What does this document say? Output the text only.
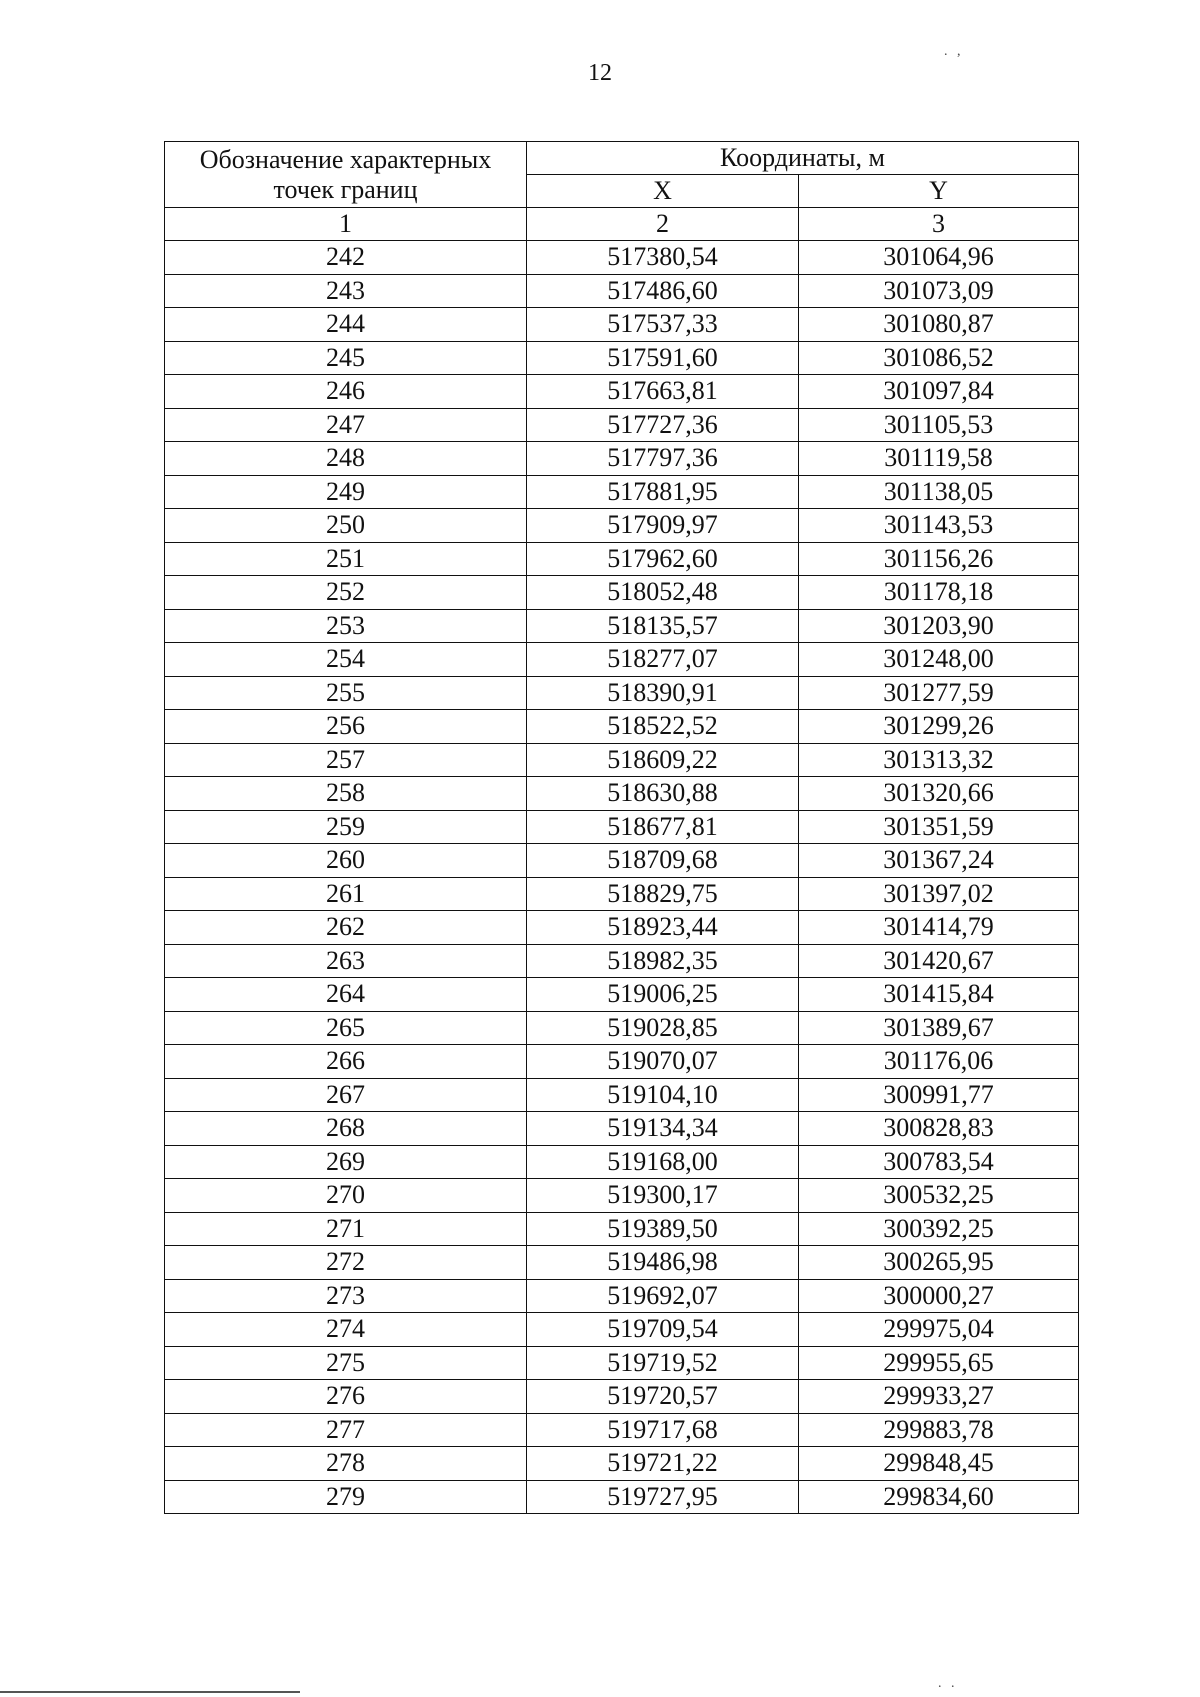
12
. ,
Обозначение характерных
точек границ	Координаты, м	
	X	Y
1	2	3
242	517380,54	301064,96
243	517486,60	301073,09
244	517537,33	301080,87
245	517591,60	301086,52
246	517663,81	301097,84
247	517727,36	301105,53
248	517797,36	301119,58
249	517881,95	301138,05
250	517909,97	301143,53
251	517962,60	301156,26
252	518052,48	301178,18
253	518135,57	301203,90
254	518277,07	301248,00
255	518390,91	301277,59
256	518522,52	301299,26
257	518609,22	301313,32
258	518630,88	301320,66
259	518677,81	301351,59
260	518709,68	301367,24
261	518829,75	301397,02
262	518923,44	301414,79
263	518982,35	301420,67
264	519006,25	301415,84
265	519028,85	301389,67
266	519070,07	301176,06
267	519104,10	300991,77
268	519134,34	300828,83
269	519168,00	300783,54
270	519300,17	300532,25
271	519389,50	300392,25
272	519486,98	300265,95
273	519692,07	300000,27
274	519709,54	299975,04
275	519719,52	299955,65
276	519720,57	299933,27
277	519717,68	299883,78
278	519721,22	299848,45
279	519727,95	299834,60
. .
